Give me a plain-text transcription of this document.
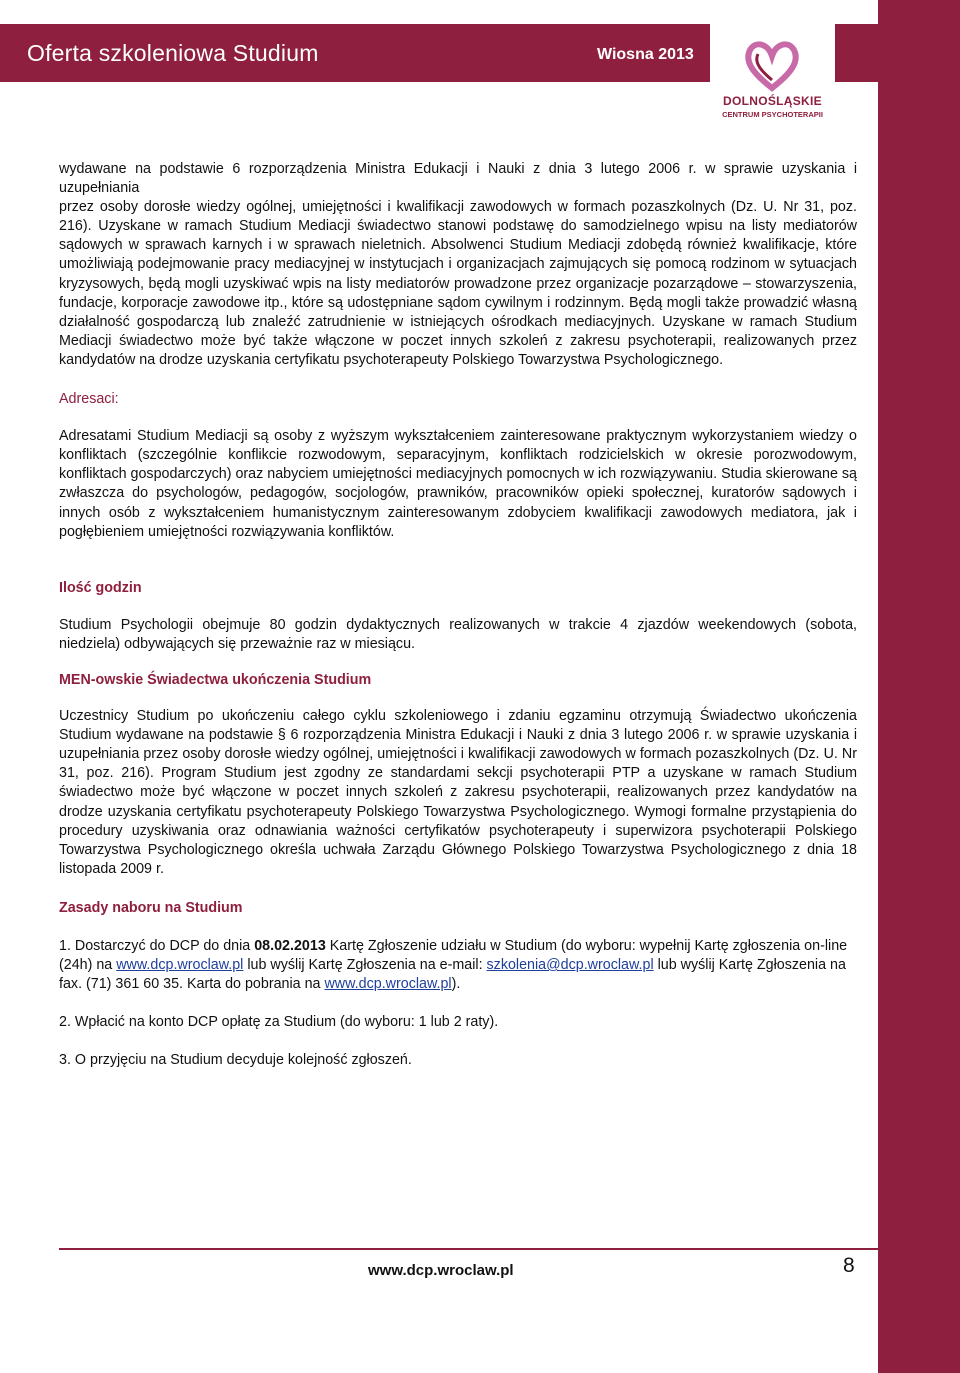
Oferta szkoleniowa Studium	Wiosna 2013
DOLNOŚLĄSKIE
CENTRUM PSYCHOTERAPII

wydawane na podstawie 6 rozporządzenia Ministra Edukacji i Nauki z dnia 3 lutego 2006 r. w sprawie uzyskania i uzupełniania
przez osoby dorosłe wiedzy ogólnej, umiejętności i kwalifikacji zawodowych w formach pozaszkolnych (Dz. U. Nr 31, poz. 216). Uzyskane w ramach Studium Mediacji świadectwo stanowi podstawę do samodzielnego wpisu na listy mediatorów sądowych w sprawach karnych i w sprawach nieletnich. Absolwenci Studium Mediacji zdobędą również kwalifikacje, które umożliwiają podejmowanie pracy mediacyjnej w instytucjach i organizacjach zajmujących się pomocą rodzinom w sytuacjach kryzysowych, będą mogli uzyskiwać wpis na listy mediatorów prowadzone przez organizacje pozarządowe – stowarzyszenia, fundacje, korporacje zawodowe itp., które są udostępniane sądom cywilnym i rodzinnym. Będą mogli także prowadzić własną działalność gospodarczą lub znaleźć zatrudnienie w istniejących ośrodkach mediacyjnych. Uzyskane w ramach Studium Mediacji świadectwo może być także włączone w poczet innych szkoleń z zakresu psychoterapii, realizowanych przez kandydatów na drodze uzyskania certyfikatu psychoterapeuty Polskiego Towarzystwa Psychologicznego.

Adresaci:

Adresatami Studium Mediacji są osoby z wyższym wykształceniem zainteresowane praktycznym wykorzystaniem wiedzy o konfliktach (szczególnie konflikcie rozwodowym, separacyjnym, konfliktach rodzicielskich w okresie porozwodowym, konfliktach gospodarczych) oraz nabyciem umiejętności mediacyjnych pomocnych w ich rozwiązywaniu. Studia skierowane są zwłaszcza do psychologów, pedagogów, socjologów, prawników, pracowników opieki społecznej, kuratorów sądowych i innych osób z wykształceniem humanistycznym zainteresowanym zdobyciem kwalifikacji zawodowych mediatora, jak i pogłębieniem umiejętności rozwiązywania konfliktów.

Ilość godzin

Studium Psychologii obejmuje 80 godzin dydaktycznych realizowanych w trakcie 4 zjazdów weekendowych (sobota, niedziela) odbywających się przeważnie raz w miesiącu.

MEN-owskie Świadectwa ukończenia Studium

Uczestnicy Studium po ukończeniu całego cyklu szkoleniowego i zdaniu egzaminu otrzymują Świadectwo ukończenia Studium wydawane na podstawie § 6 rozporządzenia Ministra Edukacji i Nauki z dnia 3 lutego 2006 r. w sprawie uzyskania i uzupełniania przez osoby dorosłe wiedzy ogólnej, umiejętności i kwalifikacji zawodowych w formach pozaszkolnych (Dz. U. Nr 31, poz. 216). Program Studium jest zgodny ze standardami sekcji psychoterapii PTP a uzyskane w ramach Studium świadectwo może być włączone w poczet innych szkoleń z zakresu psychoterapii, realizowanych przez kandydatów na drodze uzyskania certyfikatu psychoterapeuty Polskiego Towarzystwa Psychologicznego. Wymogi formalne przystąpienia do procedury uzyskiwania oraz odnawiania ważności certyfikatów psychoterapeuty i superwizora psychoterapii Polskiego Towarzystwa Psychologicznego określa uchwała Zarządu Głównego Polskiego Towarzystwa Psychologicznego z dnia 18 listopada 2009 r.

Zasady naboru na Studium

1. Dostarczyć do DCP do dnia 08.02.2013 Kartę Zgłoszenie udziału w Studium (do wyboru: wypełnij Kartę zgłoszenia on-line (24h) na www.dcp.wroclaw.pl lub wyślij Kartę Zgłoszenia na e-mail: szkolenia@dcp.wroclaw.pl lub wyślij Kartę Zgłoszenia na fax. (71) 361 60 35. Karta do pobrania na www.dcp.wroclaw.pl).

2. Wpłacić na konto DCP opłatę za Studium (do wyboru: 1 lub 2 raty).

3. O przyjęciu na Studium decyduje kolejność zgłoszeń.

www.dcp.wroclaw.pl	8
